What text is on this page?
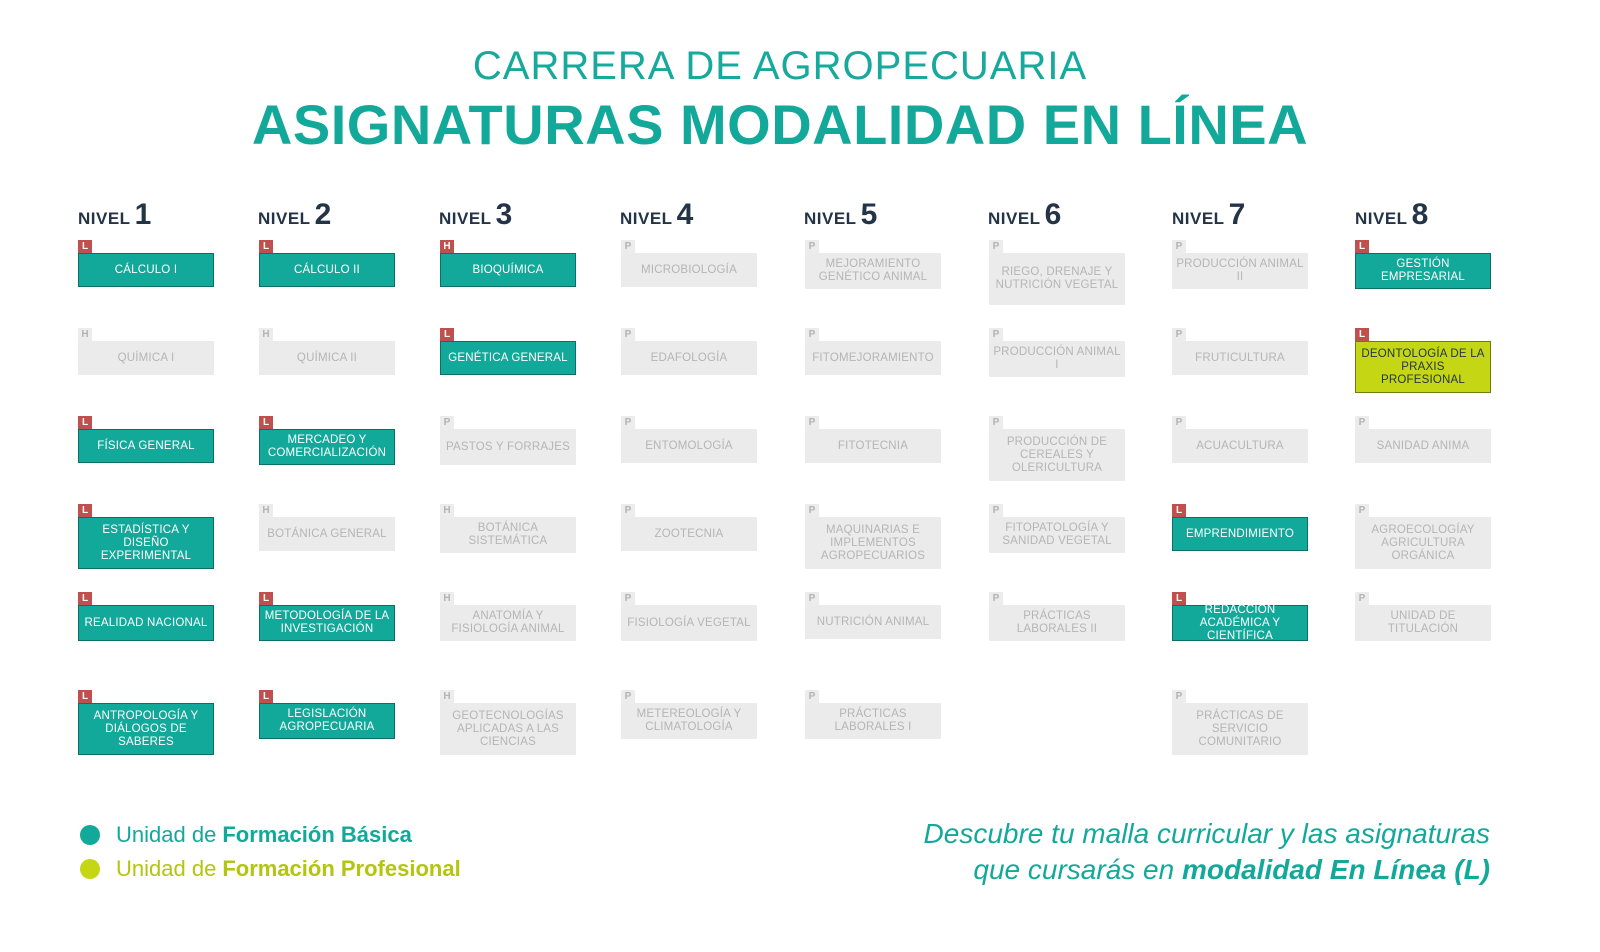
CARRERA DE AGROPECUARIA
ASIGNATURAS MODALIDAD EN LÍNEA
NIVEL 1
L
CÁLCULO I
H
QUÍMICA I
L
FÍSICA GENERAL
L
ESTADÍSTICA Y DISEÑO EXPERIMENTAL
L
REALIDAD NACIONAL
L
ANTROPOLOGÍA Y DIÁLOGOS DE SABERES
NIVEL 2
L
CÁLCULO II
H
QUÍMICA II
L
MERCADEO Y COMERCIALIZACIÓN
H
BOTÁNICA GENERAL
L
METODOLOGÍA DE LA INVESTIGACIÓN
L
LEGISLACIÓN AGROPECUARIA
NIVEL 3
H
BIOQUÍMICA
L
GENÉTICA GENERAL
P
PASTOS Y FORRAJES
H
BOTÁNICA SISTEMÁTICA
H
ANATOMÍA Y FISIOLOGÍA ANIMAL
H
GEOTECNOLOGÍAS APLICADAS A LAS CIENCIAS
NIVEL 4
P
MICROBIOLOGÍA
P
EDAFOLOGÍA
P
ENTOMOLOGÍA
P
ZOOTECNIA
P
FISIOLOGÍA VEGETAL
P
METEREOLOGÍA Y CLIMATOLOGÍA
NIVEL 5
P
MEJORAMIENTO GENÉTICO ANIMAL
P
FITOMEJORAMIENTO
P
FITOTECNIA
P
MAQUINARIAS E IMPLEMENTOS AGROPECUARIOS
P
NUTRICIÓN ANIMAL
P
PRÁCTICAS LABORALES I
NIVEL 6
P
RIEGO, DRENAJE Y NUTRICIÓN VEGETAL
P
PRODUCCIÓN ANIMAL I
P
PRODUCCIÓN DE CEREALES Y OLERICULTURA
P
FITOPATOLOGÍA Y SANIDAD VEGETAL
P
PRÁCTICAS LABORALES II
NIVEL 7
P
PRODUCCIÓN ANIMAL II
P
FRUTICULTURA
P
ACUACULTURA
L
EMPRENDIMIENTO
L
REDACCIÓN ACADÉMICA Y CIENTÍFICA
P
PRÁCTICAS DE SERVICIO COMUNITARIO
NIVEL 8
L
GESTIÓN EMPRESARIAL
L
DEONTOLOGÍA DE LA PRAXIS PROFESIONAL
P
SANIDAD ANIMA
P
AGROECOLOGÍAY AGRICULTURA ORGÁNICA
P
UNIDAD DE TITULACIÓN
Unidad de Formación Básica
Unidad de Formación Profesional
Descubre tu malla curricular y las asignaturas
que cursarás en modalidad En Línea (L)
